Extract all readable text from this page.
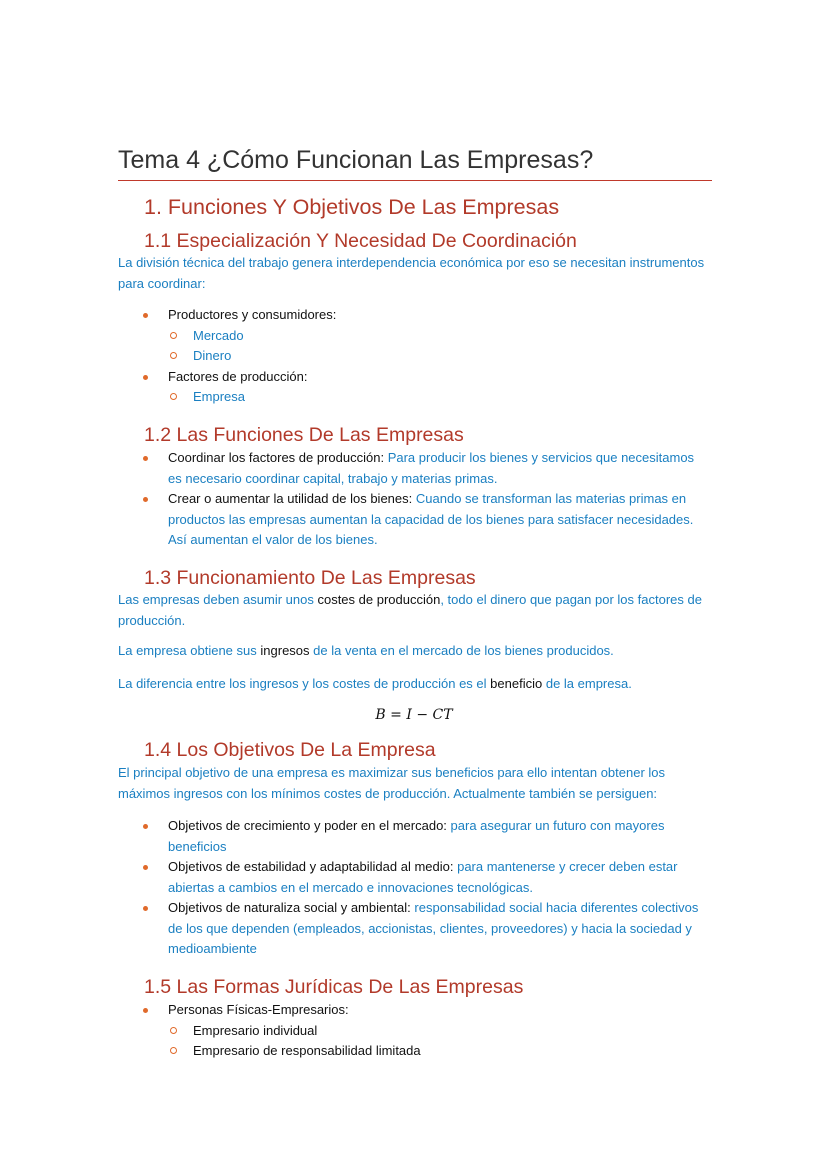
Tema 4 ¿Cómo Funcionan Las Empresas?
1. Funciones Y Objetivos De Las Empresas
1.1 Especialización Y Necesidad De Coordinación
La división técnica del trabajo genera interdependencia económica por eso se necesitan instrumentos para coordinar:
Productores y consumidores:
Mercado
Dinero
Factores de producción:
Empresa
1.2 Las Funciones De Las Empresas
Coordinar los factores de producción: Para producir los bienes y servicios que necesitamos es necesario coordinar capital, trabajo y materias primas.
Crear o aumentar la utilidad de los bienes: Cuando se transforman las materias primas en productos las empresas aumentan la capacidad de los bienes para satisfacer necesidades. Así aumentan el valor de los bienes.
1.3 Funcionamiento De Las Empresas
Las empresas deben asumir unos costes de producción, todo el dinero que pagan por los factores de producción.
La empresa obtiene sus ingresos de la venta en el mercado de los bienes producidos.
La diferencia entre los ingresos y los costes de producción es el beneficio de la empresa.
B = I − CT
1.4 Los Objetivos De La Empresa
El principal objetivo de una empresa es maximizar sus beneficios para ello intentan obtener los máximos ingresos con los mínimos costes de producción. Actualmente también se persiguen:
Objetivos de crecimiento y poder en el mercado: para asegurar un futuro con mayores beneficios
Objetivos de estabilidad y adaptabilidad al medio: para mantenerse y crecer deben estar abiertas a cambios en el mercado e innovaciones tecnológicas.
Objetivos de naturaliza social y ambiental: responsabilidad social hacia diferentes colectivos de los que dependen (empleados, accionistas, clientes, proveedores) y hacia la sociedad y medioambiente
1.5 Las Formas Jurídicas De Las Empresas
Personas Físicas-Empresarios:
Empresario individual
Empresario de responsabilidad limitada
